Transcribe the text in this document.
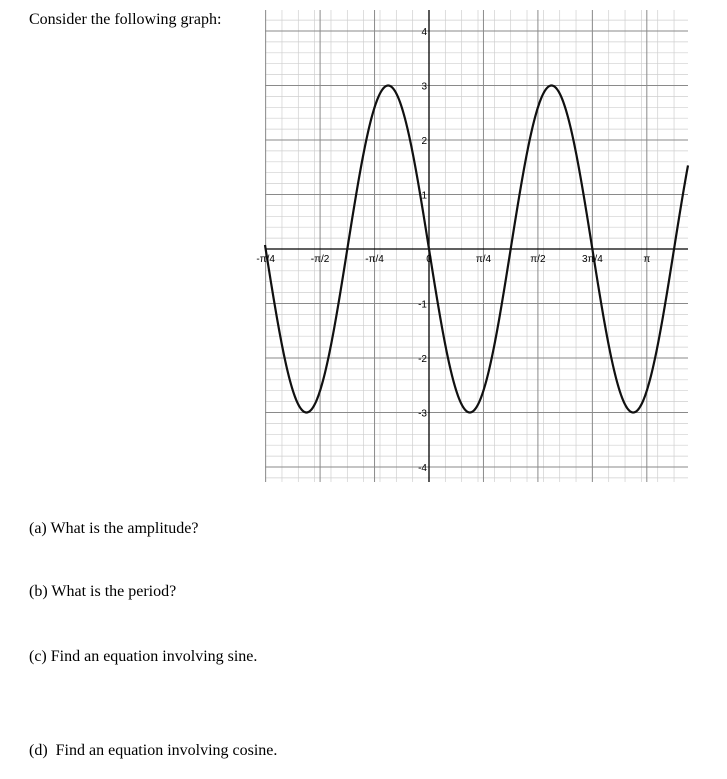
Consider the following graph:
-π/4	-π/2	-π/4	0	π/4	π/2	3π/4	π
4
3
2
1
-1
-2
-3
-4
(a) What is the amplitude?
(b) What is the period?
(c) Find an equation involving sine.
(d)  Find an equation involving cosine.
